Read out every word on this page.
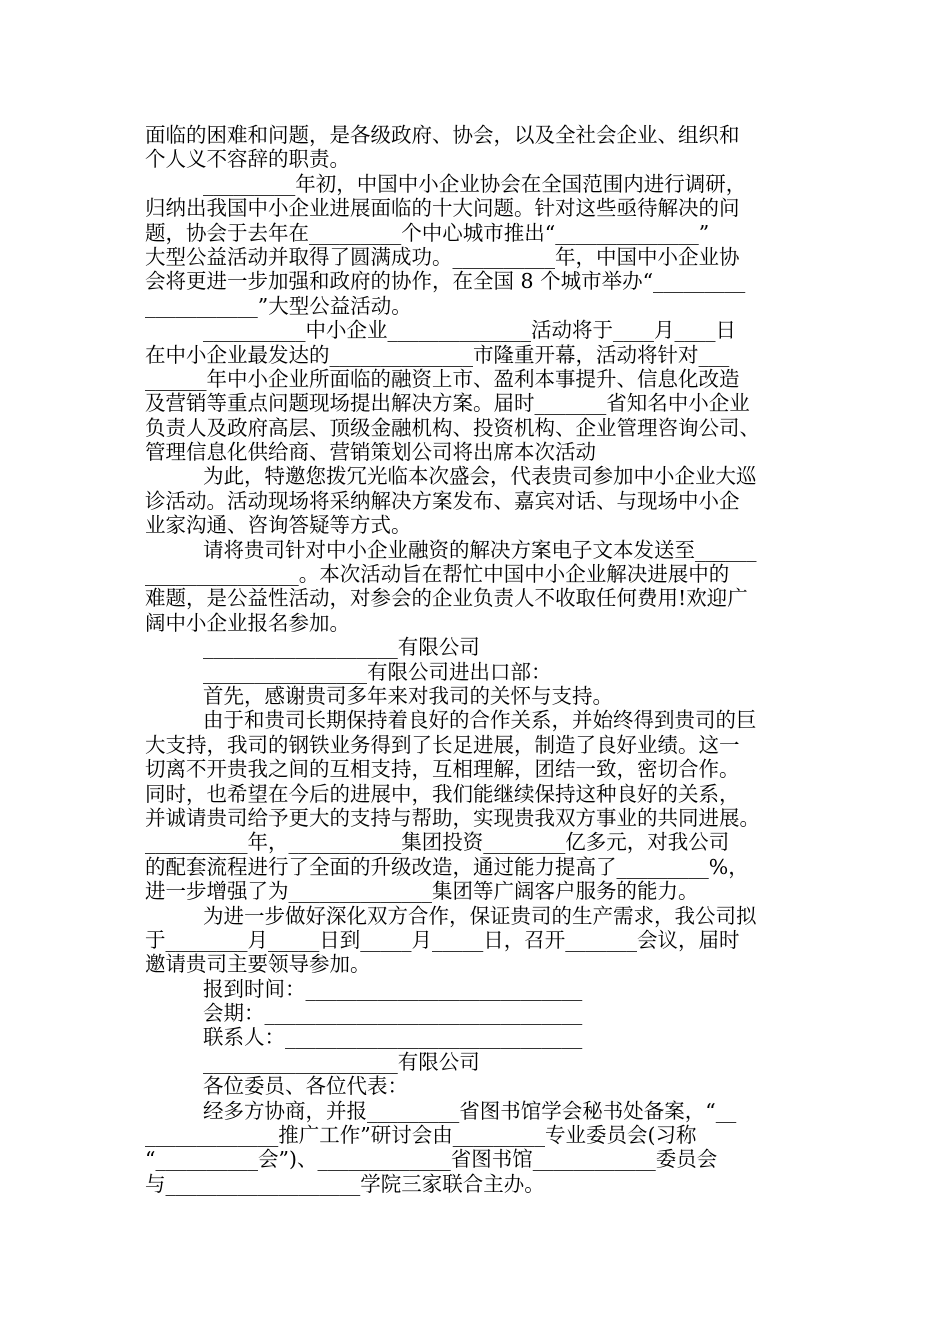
面临的困难和问题，是各级政府、协会，以及全社会企业、组织和
个人义不容辞的职责。
_________年初，中国中小企业协会在全国范围内进行调研，
归纳出我国中小企业进展面临的十大问题。针对这些亟待解决的问
题，协会于去年在_________个中心城市推出“______________”
大型公益活动并取得了圆满成功。__________年，中国中小企业协
会将更进一步加强和政府的协作，在全国 8 个城市举办“_________
___________”大型公益活动。
__________中小企业______________活动将于____月____日
在中小企业最发达的______________市隆重开幕，活动将针对___
______年中小企业所面临的融资上市、盈利本事提升、信息化改造
及营销等重点问题现场提出解决方案。届时_______省知名中小企业
负责人及政府高层、顶级金融机构、投资机构、企业管理咨询公司、
管理信息化供给商、营销策划公司将出席本次活动
为此，特邀您拨冗光临本次盛会，代表贵司参加中小企业大巡
诊活动。活动现场将采纳解决方案发布、嘉宾对话、与现场中小企
业家沟通、咨询答疑等方式。
请将贵司针对中小企业融资的解决方案电子文本发送至______
_______________。本次活动旨在帮忙中国中小企业解决进展中的
难题，是公益性活动，对参会的企业负责人不收取任何费用!欢迎广
阔中小企业报名参加。
___________________有限公司
________________有限公司进出口部：
首先，感谢贵司多年来对我司的关怀与支持。
由于和贵司长期保持着良好的合作关系，并始终得到贵司的巨
大支持，我司的钢铁业务得到了长足进展，制造了良好业绩。这一
切离不开贵我之间的互相支持，互相理解，团结一致，密切合作。
同时，也希望在今后的进展中，我们能继续保持这种良好的关系，
并诚请贵司给予更大的支持与帮助，实现贵我双方事业的共同进展。
__________年，___________集团投资________亿多元，对我公司
的配套流程进行了全面的升级改造，通过能力提高了_________%，
进一步增强了为______________集团等广阔客户服务的能力。
为进一步做好深化双方合作，保证贵司的生产需求，我公司拟
于________月_____日到_____月_____日，召开_______会议，届时
邀请贵司主要领导参加。
报到时间：___________________________
会期：_______________________________
联系人：_____________________________
___________________有限公司
各位委员、各位代表：
经多方协商，并报_________省图书馆学会秘书处备案，“__
_____________推广工作”研讨会由_________专业委员会(习称
“__________会”)、_____________省图书馆____________委员会
与___________________学院三家联合主办。
